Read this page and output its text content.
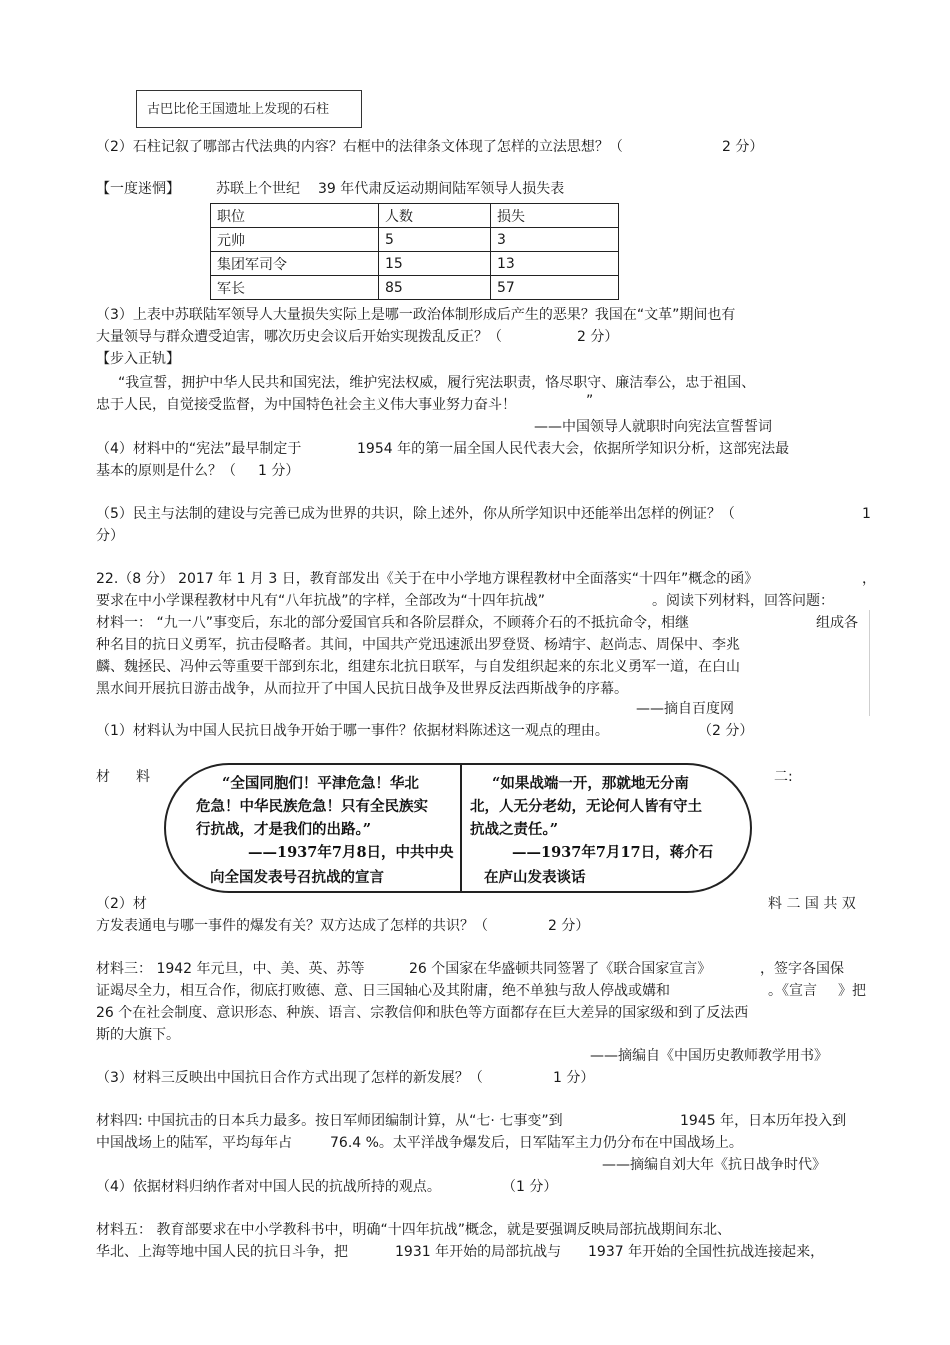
古巴比伦王国遗址上发现的石柱
（2）石柱记叙了哪部古代法典的内容？右框中的法律条文体现了怎样的立法思想？（	2 分）
【一度迷惘】	苏联上个世纪 39 年代肃反运动期间陆军领导人损失表
职位	人数	损失
元帅	5	3
集团军司令	15	13
军长	85	57
（3）上表中苏联陆军领导人大量损失实际上是哪一政治体制形成后产生的恶果？我国在“文革”期间也有
大量领导与群众遭受迫害，哪次历史会议后开始实现拨乱反正？（	2 分）
【步入正轨】
“我宣誓，拥护中华人民共和国宪法，维护宪法权威，履行宪法职责，恪尽职守、廉洁奉公，忠于祖国、
忠于人民，自觉接受监督，为中国特色社会主义伟大事业努力奋斗！	”
——中国领导人就职时向宪法宣誓誓词
（4）材料中的“宪法”最早制定于	1954 年的第一届全国人民代表大会，依据所学知识分析，这部宪法最
基本的原则是什么？（ 1 分）
（5）民主与法制的建设与完善已成为世界的共识，除上述外，你从所学知识中还能举出怎样的例证？（	1
分）
22.（8 分） 2017 年 1 月 3 日，教育部发出《关于在中小学地方课程教材中全面落实“十四年”概念的函》	，
要求在中小学课程教材中凡有“八年抗战”的字样，全部改为“十四年抗战”	。阅读下列材料，回答问题：
材料一： “九一八”事变后，东北的部分爱国官兵和各阶层群众，不顾蒋介石的不抵抗命令，相继	组成各
种名目的抗日义勇军，抗击侵略者。其间，中国共产党迅速派出罗登贤、杨靖宇、赵尚志、周保中、李兆
麟、魏拯民、冯仲云等重要干部到东北，组建东北抗日联军，与自发组织起来的东北义勇军一道，在白山
黑水间开展抗日游击战争，从而拉开了中国人民抗日战争及世界反法西斯战争的序幕。
——摘自百度网
（1）材料认为中国人民抗日战争开始于哪一事件？依据材料陈述这一观点的理由。	（2 分）
材 料	二:
“全国同胞们！平津危急！华北
危急！中华民族危急！只有全民族实
行抗战，才是我们的出路。”
——1937年7月8日，中共中央
向全国发表号召抗战的宣言
“如果战端一开，那就地无分南
北，人无分老幼，无论何人皆有守土
抗战之责任。”
——1937年7月17日，蒋介石
在庐山发表谈话
（2）材	料 二 国 共 双
方发表通电与哪一事件的爆发有关？双方达成了怎样的共识？（	2 分）
材料三： 1942 年元旦，中、美、英、苏等	26 个国家在华盛顿共同签署了《联合国家宣言》	，签字各国保
证竭尽全力，相互合作，彻底打败德、意、日三国轴心及其附庸，绝不单独与敌人停战或媾和	。《宣言 》把
26 个在社会制度、意识形态、种族、语言、宗教信仰和肤色等方面都存在巨大差异的国家级和到了反法西
斯的大旗下。
——摘编自《中国历史教师教学用书》
（3）材料三反映出中国抗日合作方式出现了怎样的新发展？（	1 分）
材料四: 中国抗击的日本兵力最多。按日军师团编制计算，从“七· 七事变”到	1945 年，日本历年投入到
中国战场上的陆军，平均每年占	76.4 %。太平洋战争爆发后，日军陆军主力仍分布在中国战场上。
——摘编自刘大年《抗日战争时代》
（4）依据材料归纳作者对中国人民的抗战所持的观点。	（1 分）
材料五： 教育部要求在中小学教科书中，明确“十四年抗战”概念，就是要强调反映局部抗战期间东北、
华北、上海等地中国人民的抗日斗争，把	1931 年开始的局部抗战与 1937 年开始的全国性抗战连接起来，
